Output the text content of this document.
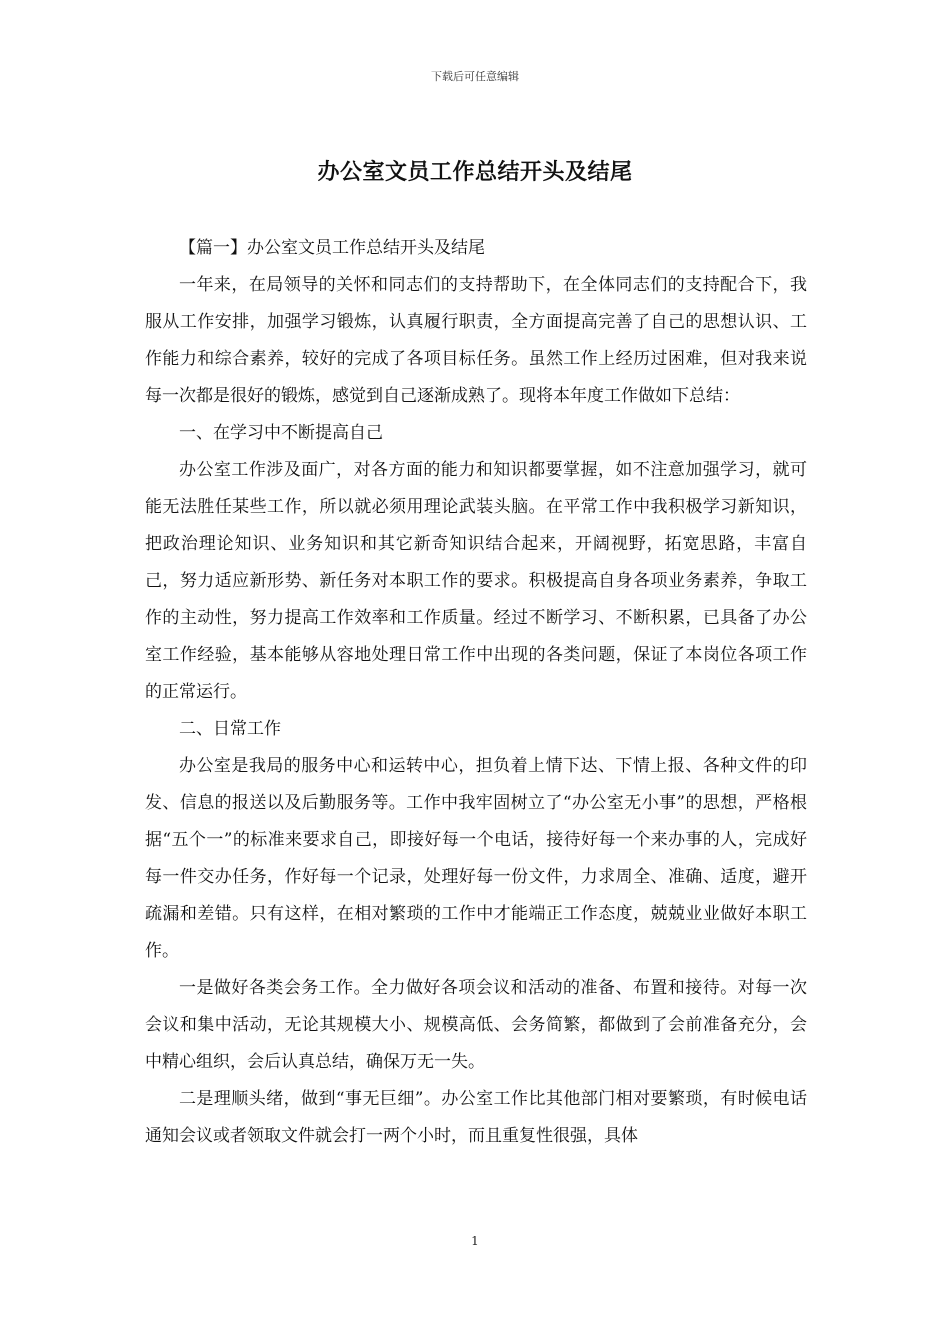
下载后可任意编辑
办公室文员工作总结开头及结尾

【篇一】办公室文员工作总结开头及结尾

一年来，在局领导的关怀和同志们的支持帮助下，在全体同志们的支持配合下，我服从工作安排，加强学习锻炼，认真履行职责，全方面提高完善了自己的思想认识、工作能力和综合素养，较好的完成了各项目标任务。虽然工作上经历过困难，但对我来说每一次都是很好的锻炼，感觉到自己逐渐成熟了。现将本年度工作做如下总结：

一、在学习中不断提高自己

办公室工作涉及面广，对各方面的能力和知识都要掌握，如不注意加强学习，就可能无法胜任某些工作，所以就必须用理论武装头脑。在平常工作中我积极学习新知识，把政治理论知识、业务知识和其它新奇知识结合起来，开阔视野，拓宽思路，丰富自己，努力适应新形势、新任务对本职工作的要求。积极提高自身各项业务素养，争取工作的主动性，努力提高工作效率和工作质量。经过不断学习、不断积累，已具备了办公室工作经验，基本能够从容地处理日常工作中出现的各类问题，保证了本岗位各项工作的正常运行。

二、日常工作

办公室是我局的服务中心和运转中心，担负着上情下达、下情上报、各种文件的印发、信息的报送以及后勤服务等。工作中我牢固树立了“办公室无小事”的思想，严格根据“五个一”的标准来要求自己，即接好每一个电话，接待好每一个来办事的人，完成好每一件交办任务，作好每一个记录，处理好每一份文件，力求周全、准确、适度，避开疏漏和差错。只有这样，在相对繁琐的工作中才能端正工作态度，兢兢业业做好本职工作。

一是做好各类会务工作。全力做好各项会议和活动的准备、布置和接待。对每一次会议和集中活动，无论其规模大小、规模高低、会务简繁，都做到了会前准备充分，会中精心组织，会后认真总结，确保万无一失。

二是理顺头绪，做到“事无巨细”。办公室工作比其他部门相对要繁琐，有时候电话通知会议或者领取文件就会打一两个小时，而且重复性很强，具体

1
